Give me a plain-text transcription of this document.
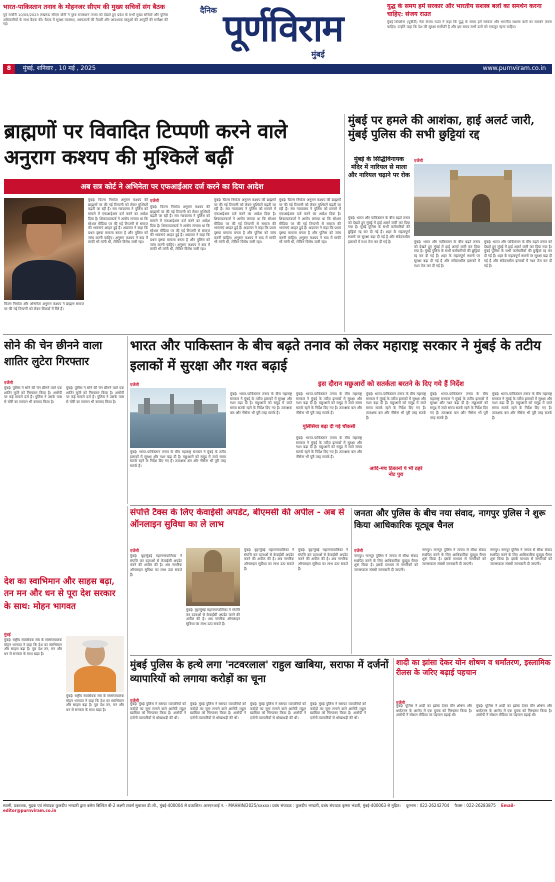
भारत-पाकिस्तान तनाव के मोहनजर सीएम की मुख्य सचिवों संग बैठक
पूर्व राजौरी 10/05/2025 लखनऊ सीएम योगी ने पूरब राजस्थान तनाव को देखते हुए प्रदेश के सभी मुख्य सचिवों और पुलिस अधिकारियों के साथ बैठक की। बैठक में सुरक्षा व्यवस्था, अस्पतालों की तैयारी और आवश्यक वस्तुओं की आपूर्ति की समीक्षा की गई।
दैनिक पूर्णविराम
मुंबई
युद्ध के समय हमें सरकार और भारतीय सशस्त्र बलों का समर्थन करना चाहिए: संजय राउत
मुंबई शिवसेना (यूबीटी) नेता संजय राउत ने कहा कि युद्ध के समय हमें सरकार और भारतीय सशस्त्र बलों का समर्थन करना चाहिए। उन्होंने कहा कि देश की सुरक्षा सर्वोपरि है और इस समय सभी दलों को एकजुट रहना चाहिए।
8 मुंबई, शनिवार , 10 मई , 2025	www.purnviram.co.in
ब्राह्मणों पर विवादित टिप्पणी करने वाले अनुराग कश्यप की मुश्किलें बढ़ीं
अब सत्र कोर्ट ने अभिनेता पर एफआईआर दर्ज करने का दिया आदेश
फिल्म निर्माता और अभिनेता अनुराग कश्यप ने ब्राह्मण समाज पर की गई टिप्पणी को लेकर विवादों में घिरे हैं।
एजेंसी
मुंबई। फिल्म निर्माता अनुराग कश्यप की ब्राह्मणों पर की गई टिप्पणी को लेकर मुश्किलें बढ़ती जा रही हैं। सत्र न्यायालय ने पुलिस को मामले में एफआईआर दर्ज करने का आदेश दिया है। शिकायतकर्ता ने आरोप लगाया था कि सोशल मीडिया पर की गई टिप्पणी से समाज की भावनाएं आहत हुई हैं। अदालत ने कहा कि प्रथम दृष्टया मामला बनता है और पुलिस को जांच करनी चाहिए। अनुराग कश्यप ने बाद में माफी भी मांगी थी, लेकिन विरोध जारी रहा।
मुंबई। फिल्म निर्माता अनुराग कश्यप की ब्राह्मणों पर की गई टिप्पणी को लेकर मुश्किलें बढ़ती जा रही हैं। सत्र न्यायालय ने पुलिस को मामले में एफआईआर दर्ज करने का आदेश दिया है। शिकायतकर्ता ने आरोप लगाया था कि सोशल मीडिया पर की गई टिप्पणी से समाज की भावनाएं आहत हुई हैं। अदालत ने कहा कि प्रथम दृष्टया मामला बनता है और पुलिस को जांच करनी चाहिए। अनुराग कश्यप ने बाद में माफी भी मांगी थी, लेकिन विरोध जारी रहा।
मुंबई। फिल्म निर्माता अनुराग कश्यप की ब्राह्मणों पर की गई टिप्पणी को लेकर मुश्किलें बढ़ती जा रही हैं। सत्र न्यायालय ने पुलिस को मामले में एफआईआर दर्ज करने का आदेश दिया है। शिकायतकर्ता ने आरोप लगाया था कि सोशल मीडिया पर की गई टिप्पणी से समाज की भावनाएं आहत हुई हैं। अदालत ने कहा कि प्रथम दृष्टया मामला बनता है और पुलिस को जांच करनी चाहिए। अनुराग कश्यप ने बाद में माफी भी मांगी थी, लेकिन विरोध जारी रहा।
मुंबई। फिल्म निर्माता अनुराग कश्यप की ब्राह्मणों पर की गई टिप्पणी को लेकर मुश्किलें बढ़ती जा रही हैं। सत्र न्यायालय ने पुलिस को मामले में एफआईआर दर्ज करने का आदेश दिया है। शिकायतकर्ता ने आरोप लगाया था कि सोशल मीडिया पर की गई टिप्पणी से समाज की भावनाएं आहत हुई हैं। अदालत ने कहा कि प्रथम दृष्टया मामला बनता है और पुलिस को जांच करनी चाहिए। अनुराग कश्यप ने बाद में माफी भी मांगी थी, लेकिन विरोध जारी रहा।
मुंबई पर हमले की आशंका, हाई अलर्ट जारी, मुंबई पुलिस की सभी छुट्टियां रद्द
मुंबई के सिद्धिविनायक मंदिर में नारियल से माला और नारियल चढ़ाने पर रोक
एजेंसी
मुंबई। भारत और पाकिस्तान के बीच बढ़ते तनाव को देखते हुए मुंबई में हाई अलर्ट जारी कर दिया गया है। मुंबई पुलिस के सभी कर्मचारियों की छुट्टियां रद्द कर दी गई हैं। शहर के महत्वपूर्ण स्थानों पर सुरक्षा बढ़ा दी गई है और संवेदनशील इलाकों में गश्त तेज कर दी गई है।	मुंबई। भारत और पाकिस्तान के बीच बढ़ते तनाव को देखते हुए मुंबई में हाई अलर्ट जारी कर दिया गया है। मुंबई पुलिस के सभी कर्मचारियों की छुट्टियां रद्द कर दी गई हैं। शहर के महत्वपूर्ण स्थानों पर सुरक्षा बढ़ा दी गई है और संवेदनशील इलाकों में गश्त तेज कर दी गई है।
मुंबई। भारत और पाकिस्तान के बीच बढ़ते तनाव को देखते हुए मुंबई में हाई अलर्ट जारी कर दिया गया है। मुंबई पुलिस के सभी कर्मचारियों की छुट्टियां रद्द कर दी गई हैं। शहर के महत्वपूर्ण स्थानों पर सुरक्षा बढ़ा दी गई है और संवेदनशील इलाकों में गश्त तेज कर दी गई है।
सोने की चेन छीनने वाला शातिर लुटेरा गिरफ्तार
एजेंसी
मुंबई। पुलिस ने सोने की चेन छीनने वाले एक शातिर लुटेरे को गिरफ्तार किया है। आरोपी पर कई मामले दर्ज हैं। पुलिस ने उसके पास से चोरी का सामान भी बरामद किया है।
मुंबई। पुलिस ने सोने की चेन छीनने वाले एक शातिर लुटेरे को गिरफ्तार किया है। आरोपी पर कई मामले दर्ज हैं। पुलिस ने उसके पास से चोरी का सामान भी बरामद किया है।
भारत और पाकिस्तान के बीच बढ़ते तनाव को लेकर महाराष्ट्र सरकार ने मुंबई के तटीय इलाकों में सुरक्षा और गश्त बढ़ाई
इस दौरान मछुआरों को सतर्कता बरतने के दिए गये हैं निर्देश
एजेंसी
मुंबई। भारत-पाकिस्तान तनाव के बीच महाराष्ट्र सरकार ने मुंबई के तटीय इलाकों में सुरक्षा और गश्त बढ़ा दी है। मछुआरों को समुद्र में जाते समय सतर्क रहने के निर्देश दिए गए हैं। तटरक्षक बल और नौसेना भी पूरी तरह सतर्क हैं।
मुंबई। भारत-पाकिस्तान तनाव के बीच महाराष्ट्र सरकार ने मुंबई के तटीय इलाकों में सुरक्षा और गश्त बढ़ा दी है। मछुआरों को समुद्र में जाते समय सतर्क रहने के निर्देश दिए गए हैं। तटरक्षक बल और नौसेना भी पूरी तरह सतर्क हैं।
मुंबई। भारत-पाकिस्तान तनाव के बीच महाराष्ट्र सरकार ने मुंबई के तटीय इलाकों में सुरक्षा और गश्त बढ़ा दी है। मछुआरों को समुद्र में जाते समय सतर्क रहने के निर्देश दिए गए हैं। तटरक्षक बल और नौसेना भी पूरी तरह सतर्क हैं।
पुलिसिया बढ़ा दी गई चौकसी
मुंबई। भारत-पाकिस्तान तनाव के बीच महाराष्ट्र सरकार ने मुंबई के तटीय इलाकों में सुरक्षा और गश्त बढ़ा दी है। मछुआरों को समुद्र में जाते समय सतर्क रहने के निर्देश दिए गए हैं। तटरक्षक बल और नौसेना भी पूरी तरह सतर्क हैं।
मुंबई। भारत-पाकिस्तान तनाव के बीच महाराष्ट्र सरकार ने मुंबई के तटीय इलाकों में सुरक्षा और गश्त बढ़ा दी है। मछुआरों को समुद्र में जाते समय सतर्क रहने के निर्देश दिए गए हैं। तटरक्षक बल और नौसेना भी पूरी तरह सतर्क हैं।
आदि-मच ठिकानों पे भी ठहरे नोट पुरा
मुंबई। भारत-पाकिस्तान तनाव के बीच महाराष्ट्र सरकार ने मुंबई के तटीय इलाकों में सुरक्षा और गश्त बढ़ा दी है। मछुआरों को समुद्र में जाते समय सतर्क रहने के निर्देश दिए गए हैं। तटरक्षक बल और नौसेना भी पूरी तरह सतर्क हैं।
मुंबई। भारत-पाकिस्तान तनाव के बीच महाराष्ट्र सरकार ने मुंबई के तटीय इलाकों में सुरक्षा और गश्त बढ़ा दी है। मछुआरों को समुद्र में जाते समय सतर्क रहने के निर्देश दिए गए हैं। तटरक्षक बल और नौसेना भी पूरी तरह सतर्क हैं।
संपत्ति टैक्स के लिए केवाईसी अपडेट, बीएमसी की अपील - अब से ऑनलाइन सुविधा का ले लाभ
एजेंसी
मुंबई। बृहन्मुंबई महानगरपालिका ने संपत्ति कर दाताओं से केवाईसी अपडेट करने की अपील की है। अब नागरिक ऑनलाइन सुविधा का लाभ उठा सकते हैं।
मुंबई। बृहन्मुंबई महानगरपालिका ने संपत्ति कर दाताओं से केवाईसी अपडेट करने की अपील की है। अब नागरिक ऑनलाइन सुविधा का लाभ उठा सकते हैं।
मुंबई। बृहन्मुंबई महानगरपालिका ने संपत्ति कर दाताओं से केवाईसी अपडेट करने की अपील की है। अब नागरिक ऑनलाइन सुविधा का लाभ उठा सकते हैं।
मुंबई। बृहन्मुंबई महानगरपालिका ने संपत्ति कर दाताओं से केवाईसी अपडेट करने की अपील की है। अब नागरिक ऑनलाइन सुविधा का लाभ उठा सकते हैं।
जनता और पुलिस के बीच नया संवाद, नागपुर पुलिस ने शुरू किया आधिकारिक यूट्यूब चैनल
एजेंसी
नागपुर। नागपुर पुलिस ने जनता से सीधा संवाद स्थापित करने के लिए आधिकारिक यूट्यूब चैनल शुरू किया है। इसके माध्यम से नागरिकों को जागरूकता संबंधी जानकारी दी जाएगी।
नागपुर। नागपुर पुलिस ने जनता से सीधा संवाद स्थापित करने के लिए आधिकारिक यूट्यूब चैनल शुरू किया है। इसके माध्यम से नागरिकों को जागरूकता संबंधी जानकारी दी जाएगी।
नागपुर। नागपुर पुलिस ने जनता से सीधा संवाद स्थापित करने के लिए आधिकारिक यूट्यूब चैनल शुरू किया है। इसके माध्यम से नागरिकों को जागरूकता संबंधी जानकारी दी जाएगी।
देश का स्वाभिमान और साहस बढ़ा, तन मन और धन से पूरा देश सरकार के साथ: मोहन भागवत
मुंबई
मुंबई। राष्ट्रीय स्वयंसेवक संघ के सरसंघचालक मोहन भागवत ने कहा कि देश का स्वाभिमान और साहस बढ़ा है। पूरा देश तन, मन और धन से सरकार के साथ खड़ा है।
मुंबई। राष्ट्रीय स्वयंसेवक संघ के सरसंघचालक मोहन भागवत ने कहा कि देश का स्वाभिमान और साहस बढ़ा है। पूरा देश तन, मन और धन से सरकार के साथ खड़ा है।
मुंबई पुलिस के हत्थे लगा 'नटवरलाल' राहुल खाबिया, सराफा में दर्जनों व्यापारियों को लगाया करोड़ों का चूना
एजेंसी
मुंबई। मुंबई पुलिस ने सराफा व्यापारियों को करोड़ों का चूना लगाने वाले आरोपी राहुल खाबिया को गिरफ्तार किया है। आरोपी ने दर्जनों व्यापारियों से धोखाधड़ी की थी।
मुंबई। मुंबई पुलिस ने सराफा व्यापारियों को करोड़ों का चूना लगाने वाले आरोपी राहुल खाबिया को गिरफ्तार किया है। आरोपी ने दर्जनों व्यापारियों से धोखाधड़ी की थी।
मुंबई। मुंबई पुलिस ने सराफा व्यापारियों को करोड़ों का चूना लगाने वाले आरोपी राहुल खाबिया को गिरफ्तार किया है। आरोपी ने दर्जनों व्यापारियों से धोखाधड़ी की थी।
मुंबई। मुंबई पुलिस ने सराफा व्यापारियों को करोड़ों का चूना लगाने वाले आरोपी राहुल खाबिया को गिरफ्तार किया है। आरोपी ने दर्जनों व्यापारियों से धोखाधड़ी की थी।
शादी का झांसा देकर योन शोषण व धर्मांतरण, इस्लामिक रीलस के जरिए बढ़ाई पहचान
एजेंसी
मुंबई। पुलिस ने शादी का झांसा देकर यौन शोषण और धर्मांतरण के आरोप में एक युवक को गिरफ्तार किया है। आरोपी ने सोशल मीडिया पर पहचान बढ़ाई थी।
मुंबई। पुलिस ने शादी का झांसा देकर यौन शोषण और धर्मांतरण के आरोप में एक युवक को गिरफ्तार किया है। आरोपी ने सोशल मीडिया पर पहचान बढ़ाई थी।
स्वामी, प्रकाशक, मुद्रक एवं संपादक कुलदीप भण्डारी द्वारा बसेरा बिल्डिंग बी-2 लक्ष्मी टावर्स सुधाकर डी.जी., मुंबई-400004 से प्रकाशित। आरएनआई नं. - MAHHIN/2025/xxxxx। प्रबंध संपादक : कुलदीप भण्डारी, प्रबंध संपादक कृष्णा भंडारी, मुंबई-400063 से मुद्रित। दूरभाष : 022-26242704 फैक्स : 022-26283875 Email-editor@purnviram.co.in
